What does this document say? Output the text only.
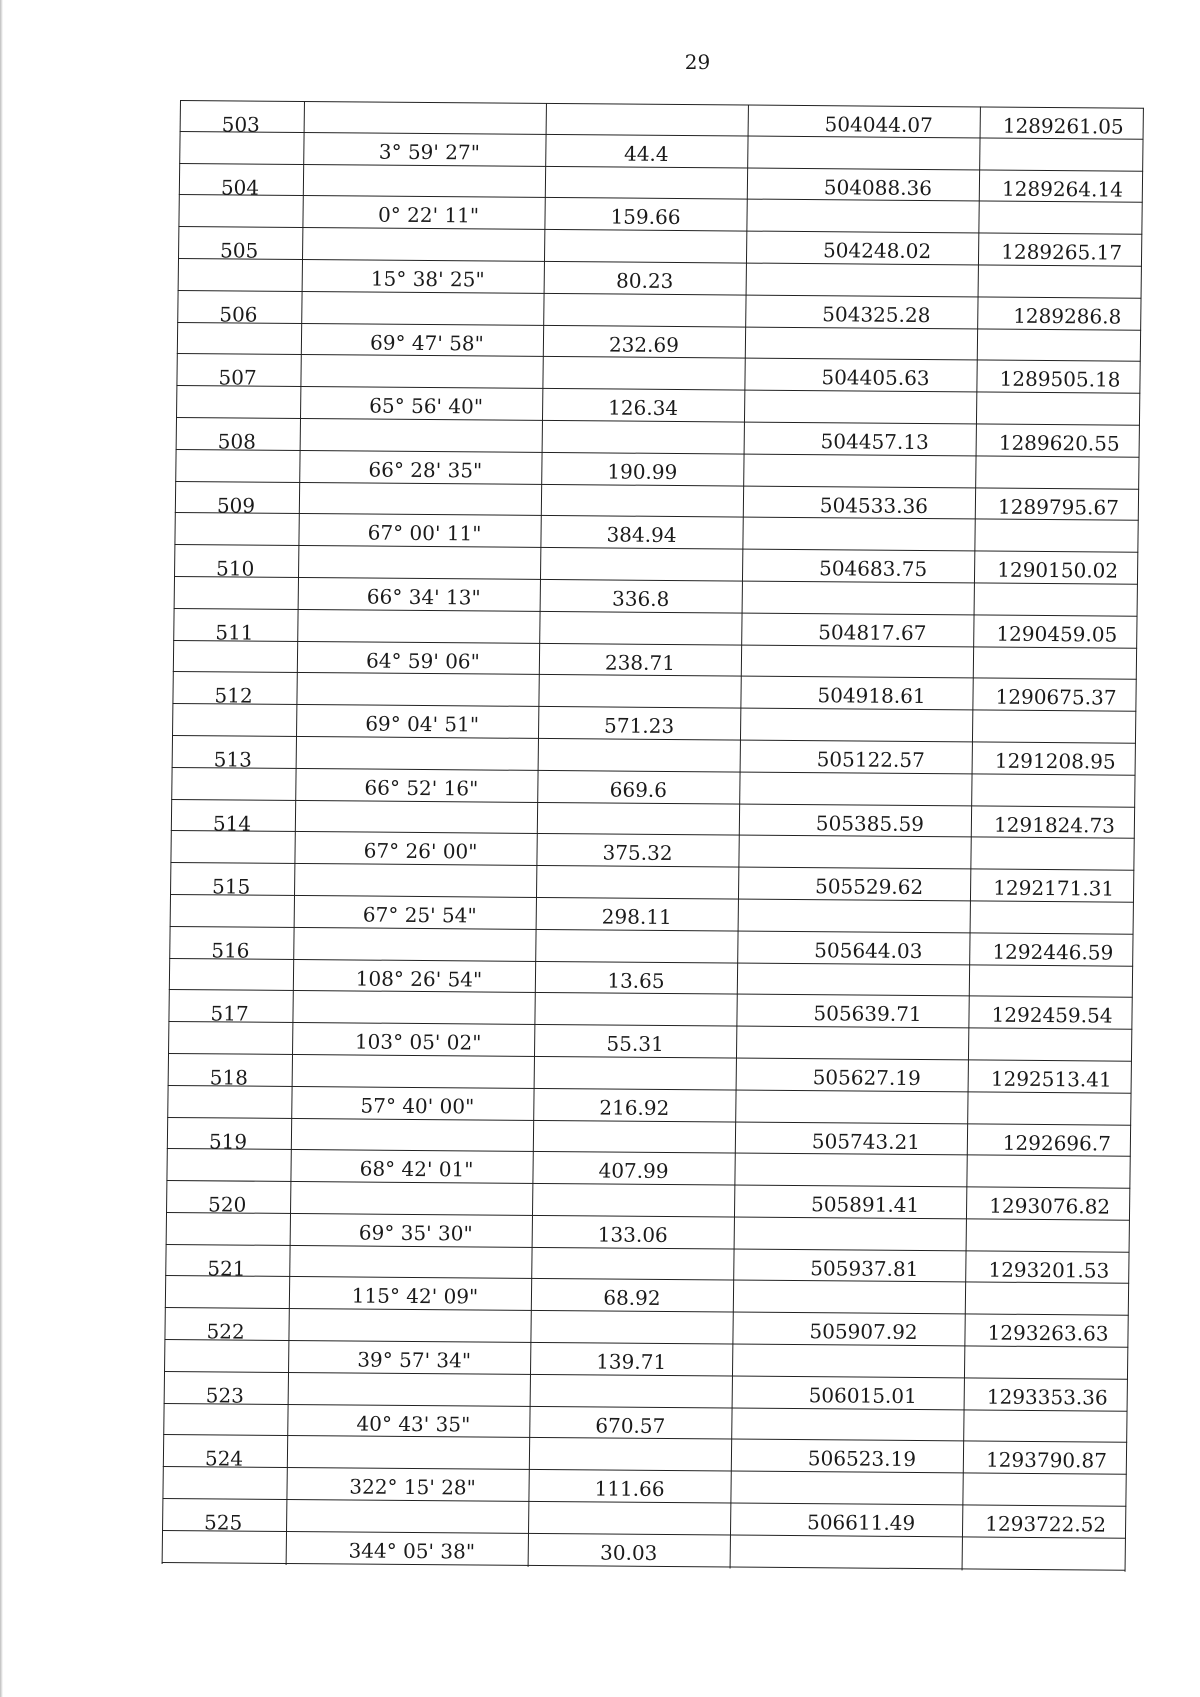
29
503	504044.07	1289261.05
3° 59' 27"	44.4
504	504088.36	1289264.14
0° 22' 11"	159.66
505	504248.02	1289265.17
15° 38' 25"	80.23
506	504325.28	1289286.8
69° 47' 58"	232.69
507	504405.63	1289505.18
65° 56' 40"	126.34
508	504457.13	1289620.55
66° 28' 35"	190.99
509	504533.36	1289795.67
67° 00' 11"	384.94
510	504683.75	1290150.02
66° 34' 13"	336.8
511	504817.67	1290459.05
64° 59' 06"	238.71
512	504918.61	1290675.37
69° 04' 51"	571.23
513	505122.57	1291208.95
66° 52' 16"	669.6
514	505385.59	1291824.73
67° 26' 00"	375.32
515	505529.62	1292171.31
67° 25' 54"	298.11
516	505644.03	1292446.59
108° 26' 54"	13.65
517	505639.71	1292459.54
103° 05' 02"	55.31
518	505627.19	1292513.41
57° 40' 00"	216.92
519	505743.21	1292696.7
68° 42' 01"	407.99
520	505891.41	1293076.82
69° 35' 30"	133.06
521	505937.81	1293201.53
115° 42' 09"	68.92
522	505907.92	1293263.63
39° 57' 34"	139.71
523	506015.01	1293353.36
40° 43' 35"	670.57
524	506523.19	1293790.87
322° 15' 28"	111.66
525	506611.49	1293722.52
344° 05' 38"	30.03
